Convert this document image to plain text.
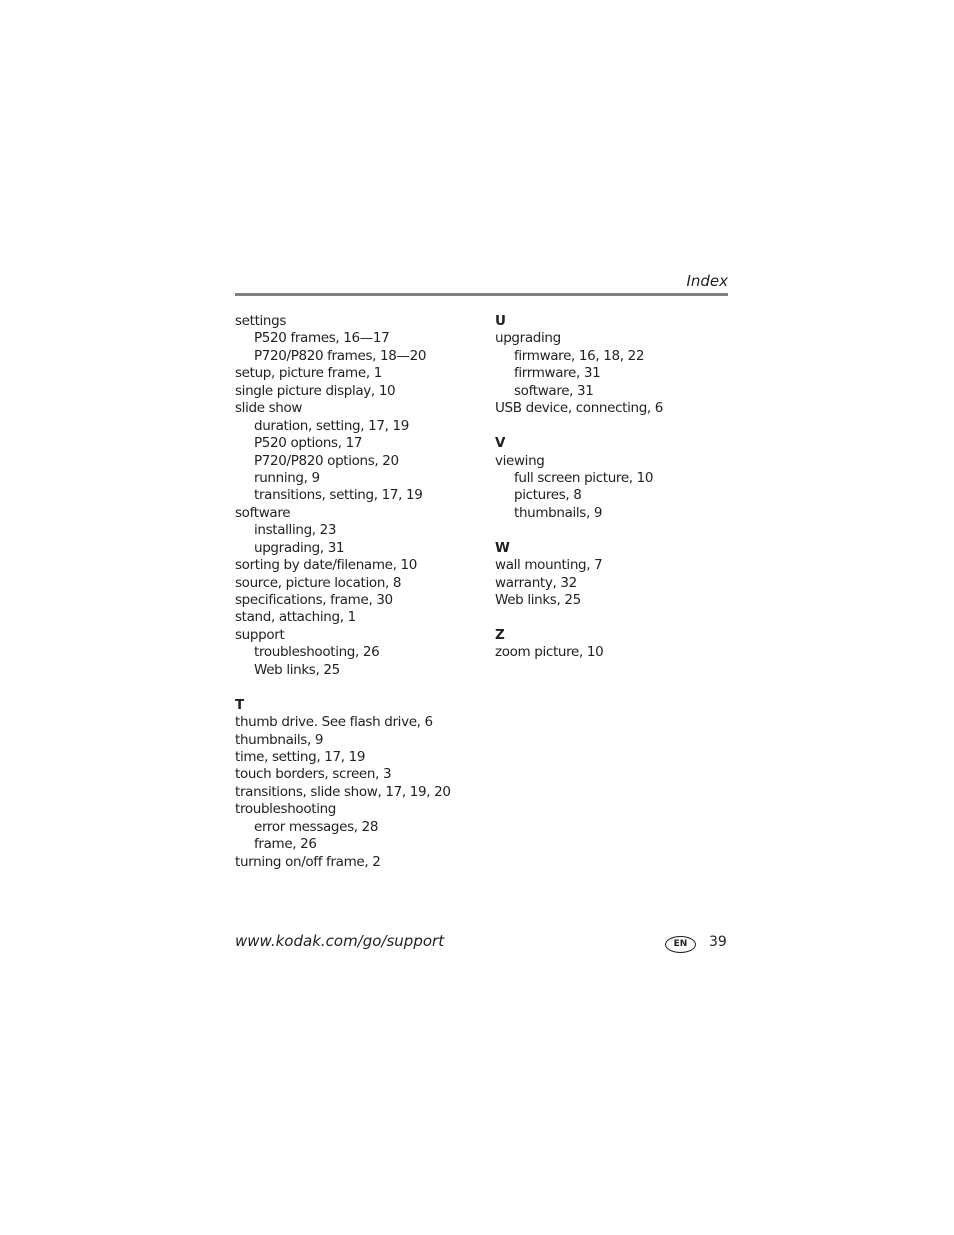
Index
settings
P520 frames, 16—17
P720/P820 frames, 18—20
setup, picture frame, 1
single picture display, 10
slide show
duration, setting, 17, 19
P520 options, 17
P720/P820 options, 20
running, 9
transitions, setting, 17, 19
software
installing, 23
upgrading, 31
sorting by date/filename, 10
source, picture location, 8
specifications, frame, 30
stand, attaching, 1
support
troubleshooting, 26
Web links, 25
T
thumb drive. See flash drive, 6
thumbnails, 9
time, setting, 17, 19
touch borders, screen, 3
transitions, slide show, 17, 19, 20
troubleshooting
error messages, 28
frame, 26
turning on/off frame, 2
U
upgrading
firmware, 16, 18, 22
firrmware, 31
software, 31
USB device, connecting, 6
V
viewing
full screen picture, 10
pictures, 8
thumbnails, 9
W
wall mounting, 7
warranty, 32
Web links, 25
Z
zoom picture, 10
www.kodak.com/go/support	EN	39
